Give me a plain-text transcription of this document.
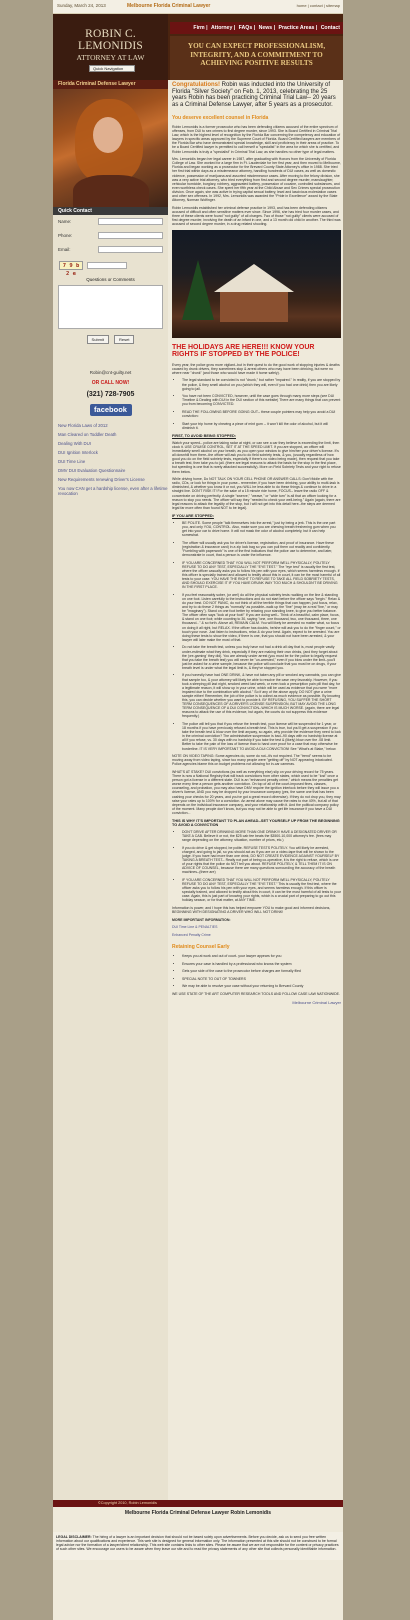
Sunday, March 24, 2013	Melbourne Florida Criminal Lawyer	home | contact | sitemap
ROBIN C. LEMONIDIS
ATTORNEY AT LAW
Quick Navigation
Firm | Attorney | FAQs | News | Practice Areas | Contact
YOU CAN EXPECT PROFESSIONALISM, INTEGRITY, AND A COMMITMENT TO ACHIEVING POSITIVE RESULTS
Florida Criminal Defense Lawyer
Quick Contact
Name:
Phone:
Email:
7 9 b 2 e
Questions or Comments
Submit	Reset
Robin@cnt-guilty.net
OR CALL NOW!
(321) 728-7905
facebook
New Florida Laws of 2012
Man Cleared on Toddler Death
Dealing With DUI
DUI Ignition Interlock
DUI Time Line
DMV DUI Evaluation Questionnaire
New Requirements renewing Driver's License
You now CAN get a hardship license, even after a lifetime revocation
Congratulations! Robin was inducted into the University of Florida "Silver Society" on Feb. 1, 2013, celebrating the 25 years Robin has been practicing Criminal Trial Law-- 20 years as a Criminal Defense Lawyer, after 5 years as a prosecutor.
You deserve excellent counsel in Florida

Robin Lemonidis is a former prosecutor who has been defending citizens accused of the entire spectrum of offenses, from DUI to sex crimes to first degree murder, since 1993. She is Board Certified in Criminal Trial Law, which is the highest level of recognition by the Florida Bar concerning the competency and education of lawyers in specific areas approved by the Supreme Court of Florida. Board Certified lawyers are members of the Florida Bar who have demonstrated special knowledge, skill and proficiency in their areas of practice. To be a Board Certified lawyer is permitted to call herself a "specialist" in the area for which she is certified, and Robin Lemonidis is truly a "specialist" in Criminal Trial Law, as she handles no other type of legal matters.

Mrs. Lemonidis began her legal career in 1987, after graduating with Honors from the University of Florida College of Law. She worked for a large firm in Ft. Lauderdale for her first year, and then moved to Melbourne, Florida and began working as a prosecutor for the Brevard County State Attorney's office in 1988. She tried her first trial within days as a misdemeanor attorney, handling hundreds of DUI cases, as well as domestic violence, possession of marijuana and assorted misdemeanor cases. After moving to the felony division, she was a very active trial attorney, who tried everything from first and second degree murder, manslaughter, vehicular homicide, burglary, robbery, aggravated battery, possession of cocaine, controlled substances, and even worthless check cases. She spent her fifth year at the Child Abuse and Sex Crimes special prosecution division. Once again, she was active in trying capital sexual battery, lewd and lascivious molestation cases and other sex offenses. In 1992, Mrs. Lemonidis was awarded the "Pride in Excellence" award by the State Attorney, Norman Wolfinger.

Robin Lemonidis established her criminal defense practice in 1993, and has been defending citizens accused of difficult and often sensitive matters ever since. Since 1996, she has tried four murder cases, and three of these clients were found "not guilty" of all charges. Two of those "not guilty" clients were accused of first degree murder, involving the death of an infant in one, and a 13 month old child in another. The third was accused of second degree murder, in a drug related shooting.

THE HOLIDAYS ARE HERE!!! KNOW YOUR RIGHTS IF STOPPED BY THE POLICE!

Every year, the police grow more vigilant--but in their quest to do the good work of stopping injuries & deaths caused by drunk drivers, they sometimes stop & arrest others who may have been drinking, but were no where near "drunk" (and those who would have made it home safely).

• The legal standard to be convicted is not "drunk," but rather "impaired." In reality, if you are stopped by the police, & they smell alcohol on you (which they will, even if you had one drink) then you are likely going to jail.
• You have not been CONVICTED, however, until the case goes through many more steps (see DUI Timeline & Dealing with DUI in the DUI section of this website) There are many things that can prevent you from becoming CONVICTED.
• READ THE FOLLOWING BEFORE GOING OUT-- these couple pointers may help you avoid a DUI conviction:
• Start your trip home by chewing a piece of mint gum -- it won't kill the odor of alcohol, but it will diminish it.
FIRST, TO AVOID BEING STOPPED:

Watch your speed-- police are taking radar at night, or can see a car they believe is exceeding the limit, then clock it. USE CRUISE CONTROL, SET IT AT THE SPEED LIMIT. If you are stopped, an officer will immediately smell alcohol on your breath, as you open your window to give him/her your driver's license. It's all downhill from there--the officer will ask you to do field sobriety tests, & you, (usually regardless of how good you do on the field sobriety tests, especially if there's no video being made), then request that you take a breath test, then take you to jail. (there are legal reasons to attack the basis for the stop in the first place, but speeding is one that is rarely attacked successfully). More on Field Sobriety Tests and your right to refuse them below.

While driving home, Do NOT TALK ON YOUR CELL PHONE OR ANSWER CALLS: Don't fiddle with the radio, CDs, or look for things in your purse-- remember, if you have been drinking, your ability to multi-task is diminished, & whether you know it or not, you WILL be less able to do these things & continue to drive in a straight line. DON'T RISK IT! For the sake of a 15 minute ride home, FOCUS-- leave the radio OFF & concentrate on driving perfectly. A single "swerve," "weave," or "wide turn" is all that an officer looking for a reason to stop you needs. The officer will say they "needed to check your well-being." Again (again, there are legal reasons to attack the legality of the stop, but I will not get into this detail here--the steps are deemed legal far more often than found NOT to be legal).

IF YOU ARE STOPPED:
• BE POLITE. Some people "talk themselves into the arrest," just by being a jerk. This is the one part you, and only YOU, CONTROL. Also, make sure you are chewing breath freshening gum when you get into your car to drive home. It will not mask the odor of alcohol completely, but it can help somewhat.
• The officer will usually ask you for driver's license, registration, and proof of insurance. Have these (registration & insurance card) in a zip lock bag so you can pull them out readily and confidently. "Fumbling with paperwork" is one of the first indicators that the police use to determine, and later, demonstrate in court, that a person is under the influence.
• IF YOU ARE CONCERNED THAT YOU WILL NOT PERFORM WELL PHYSICALLY, POLITELY REFUSE TO DO ANY TEST, ESPECIALLY THE "EYE TEST." The "eye test" is usually the first test, where the officer casually asks you to follow his pen with your eyes, which seems harmless enough. If this officer is specially trained and allowed to testify about this in court, it can be the most harmful of all tests to your case. YOU HAVE THE RIGHT TO REFUSE TO TAKE ALL FIELD SOBRIETY TESTS, AND SHOULD EXERCISE IT IF YOU HAVE DRUNK WAY TOO MUCH & SHOULDN'T BE DRIVING IN THE FIRST PLACE.
• If you feel reasonably sober, (or are!) do all the physical sobriety tests: walking on the line & standing on one foot. Listen carefully to the instructions and do not start before the officer says "begin." Relax & do your best. DO NOT PANIC, do not think of all the terrible things that can happen, just focus, relax, and try to do these 2 things as "normally" as possible--walk up the "line" (may be a real "line," or may be "imaginary"). Stand on one foot better by relaxing your standing knee, to give you better balance. The officer often says "look at your foot!" If you are doing well-- Think of a beautiful, calm place, focus, & stand on one foot; while counting to 30, saying "one, one thousand, two, one thousand, three, one thousand..." & so forth. Above all, REMAIN CALM. You will likely be arrested no matter what, so focus on doing it all right, but RELAX. If the officer has doubts, he/she will ask you to do the "finger count," or touch your nose. Just listen to instructions, relax & do your best. Again, expect to be arrested. You are doing these tests to show the video, if there is one, that you should not have been arrested, & your lawyer will later make the most of that.
• Do not take the breath test, unless you truly have not had a drink all day that is, most people vastly under-estimate what they drink, especially if they are making their own drinks, (and they forget about the 'pre-gaming' they did). You are already under arrest (you must be for the police to legally request that you take the breath test) you will never be "un-arrested," even if you blow under the limit--you'll just be asked for a urine sample, because the police will conclude that you must be on drugs, if your breath level is under what the legal limit is, & they've stopped you.
• If you honestly have had ONE DRINK, & have not taken any pill or smoked any cannabis, you can give that sample too, & your attorney will likely be able to resolve the case very favorably. However, if you took a sleeping pill last night, smoked weed last week, or even took a prescription pain pill that day, for a legitimate reason, it will show up in your urine, which will be used as evidence that you were "more impaired due to the combination with alcohol." So if any of the above apply, DO NOT give a urine sample either! Remember, the job of the police is to collect as much evidence as possible. By knowing this, you can decide whether you want to provide it. BY REFUSING, YOU SUFFER THE SHORT TERM CONSEQUENCES OF A DRIVER'S LICENSE SUSPENSION, BUT MAY AVOID THE LONG TERM CONSEQUENCE OF A DUI CONVICTION--WHICH IS MUCH WORSE. (again, there are legal reasons to attack the use of this evidence, but again, the courts do not suppress this evidence frequently.)
• The police will tell you that if you refuse the breath test, your license will be suspended for 1 year, or 18 months if you have previously refused a breath test. This is true, but you'll get a suspension if you take the breath test & blow over the limit anyway, so again, why provide the evidence they need to lock in the criminal conviction? The administrative suspension is bad--90 days with no hardship license at all if you refuse, vs. 30 days with no hardship if you take the test & (likely) blow over the .08 limit. Better to take the pain of the loss of license than to hand over proof for a case that may otherwise be borderline. IT IS VERY IMPORTANT TO AVOID A DUI CONVICTION! See "What's at Stake," below.

NOTE ON VIDEO TAPING: Some agencies do, some do not--it's not required. The "trend" seems to be moving away from video taping, since too many people were "getting off" by NOT appearing intoxicated. Police agencies blame this on budget problems not allowing for in-car cameras.

WHAT'S AT STAKE? DUI convictions (as well as everything else) slip on your driving record for 75 years. There is now a National Registry that will track convictions from other states, which used to be "lost" once a person got a license in a different state. DUI is an "enhanced penalty crime," which means the penalties get worse every time a person gets another conviction. On top of all of the court-imposed fines, classes, counseling, and probation, you may also have DMV require the ignition interlock before they will issue you a driver's license, AND you may be dropped by your insurance company (yes, the same one that has been cashing your checks for 20 years, and you've got a great record otherwise). If they do not drop you, they may raise your rates up to 100% for a conviction. An arrest alone may cause the rates to rise 40%, but all of that depends on the individual insurance company, and your relationship with it. And the political company policy of the moment. Many people don't know, but you may not be able to get life insurance if you have a DUI conviction...

THIS IS WHY IT'S IMPORTANT TO PLAN AHEAD--SET YOURSELF UP FROM THE BEGINNING TO AVOID A CONVICTION
• DON'T DRIVE AFTER DRINKING MORE THAN ONE DRINK!!! HAVE A DESIGNATED DRIVER OR TAKE A CAB. Believe it or not, the $25 cab fee beats the $3500-10,000 attorney's fee. (fees may range depending on the attorney, situation, number of priors, etc.)
• If you do drive & get stopped, be polite. REFUSE TESTS POLITELY. You will likely be arrested, charged, and going to jail, so you should act as if you are on a video-tape that will be shown to the judge. If you have had more than one drink, DO NOT CREATE EVIDENCE AGAINST YOURSELF BY TAKING A BREATH TEST-- Really not part of being co-operative, it is the right to refuse, which is one of your rights that the police do NOT tell you about. REFUSE POLITELY, & TELL THEM IT IS ON ADVICE OF COUNSEL, because there are many questions surrounding the accuracy of the breath machines--(there are)
• IF YOU ARE CONCERNED THAT YOU WILL NOT PERFORM WELL PHYSICALLY, POLITELY REFUSE TO DO ANY TEST, ESPECIALLY THE "EYE TEST." This is usually the first test, where the officer asks you to follow his pen with your eyes, and seems harmless enough. If this officer is specially trained, and allowed to testify about this in court, it can be the most harmful of all tests to your case. Again, this is just part of knowing your rights, which is a crucial part of preparing to go out this holiday season, or for that matter, at ANY TIME.

Information is power, and I hope this has helped empower YOU to make good and informed decisions, BEGINNING WITH DESIGNATING A DRIVER WHO WILL NOT DRINK!

MORE IMPORTANT INFORMATION:
DUI Time Line & PENALTIES
Enhanced Penalty Crime
Retaining Counsel Early
• Keeps you at work and out of court- your lawyer appears for you
• Ensures your case is handled by a professional who knows the system
• Gets your side of the case to the prosecutor before charges are formally filed
• SPECIAL NOTE TO OUT OF TOWNERS
• We may be able to resolve your case without your returning to Brevard County

WE USE STATE OF THE ART COMPUTER RESEARCH TOOLS AND FOLLOW CASE LAW NATIONWIDE.

Melbourne Criminal Lawyer
©Copyright 2010, Robin Lemonidis
Melbourne Florida Criminal Defense Lawyer Robin Lemonidis
LEGAL DISCLAIMER: The hiring of a lawyer is an important decision that should not be based solely upon advertisements. Before you decide, ask us to send you free written information about our qualifications and experience. This web site is designed for general information only. The information presented at this site should not be construed to be formal legal advice nor the formation of a lawyer/client relationship. This web site contains links to other sites. Please be aware that we are not responsible for the content or privacy practices of such other sites. We encourage our users to be aware when they leave our site and to read the privacy statements of any other site that collects personally identifiable information.
